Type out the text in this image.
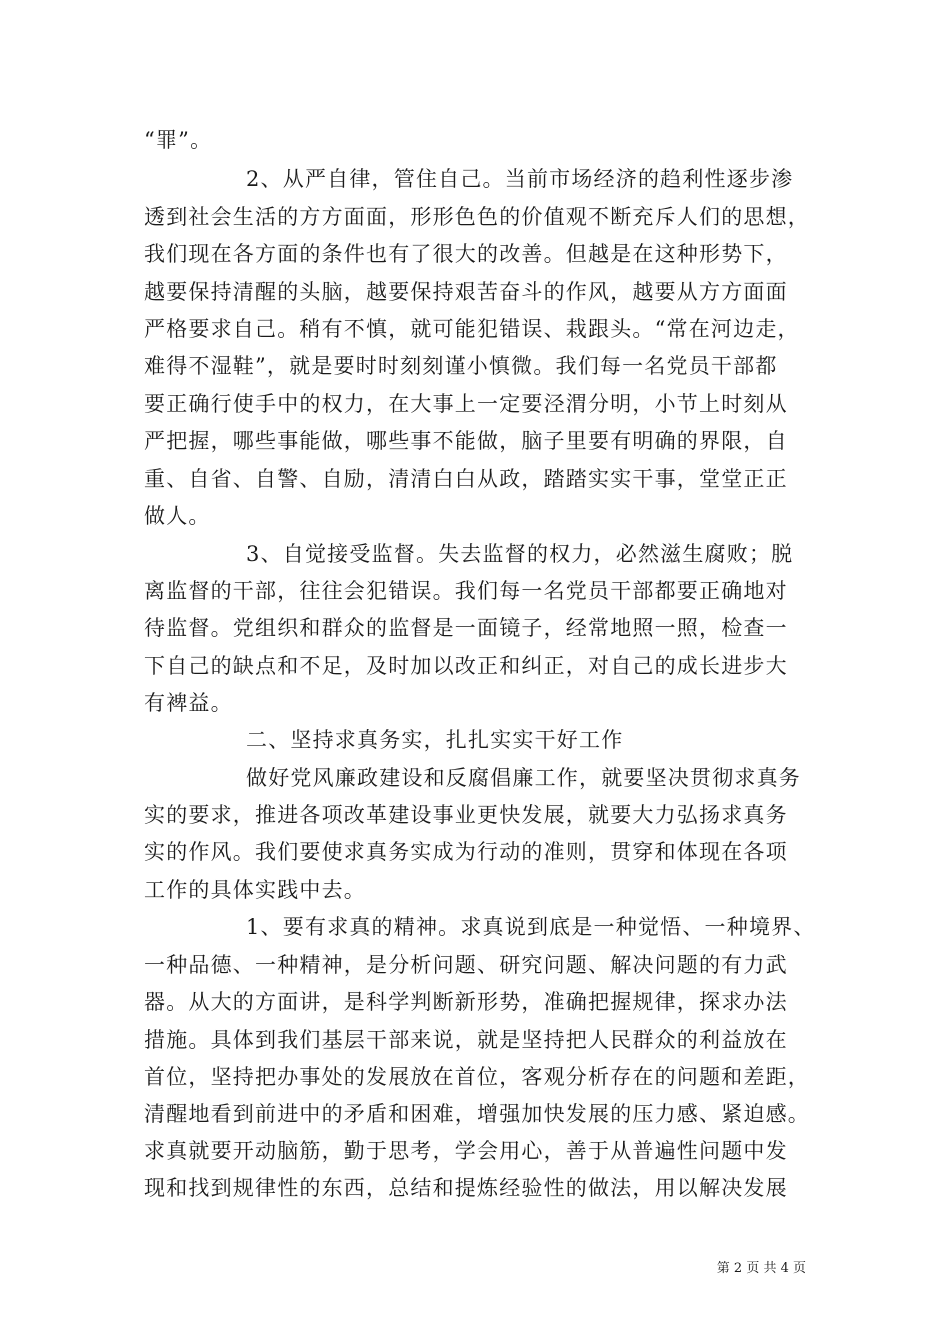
“罪”。
2、从严自律，管住自己。当前市场经济的趋利性逐步渗
透到社会生活的方方面面，形形色色的价值观不断充斥人们的思想，
我们现在各方面的条件也有了很大的改善。但越是在这种形势下，
越要保持清醒的头脑，越要保持艰苦奋斗的作风，越要从方方面面
严格要求自己。稍有不慎，就可能犯错误、栽跟头。“常在河边走，
难得不湿鞋”，就是要时时刻刻谨小慎微。我们每一名党员干部都
要正确行使手中的权力，在大事上一定要泾渭分明，小节上时刻从
严把握，哪些事能做，哪些事不能做，脑子里要有明确的界限，自
重、自省、自警、自励，清清白白从政，踏踏实实干事，堂堂正正
做人。
3、自觉接受监督。失去监督的权力，必然滋生腐败；脱
离监督的干部，往往会犯错误。我们每一名党员干部都要正确地对
待监督。党组织和群众的监督是一面镜子，经常地照一照，检查一
下自己的缺点和不足，及时加以改正和纠正，对自己的成长进步大
有裨益。
二、坚持求真务实，扎扎实实干好工作
做好党风廉政建设和反腐倡廉工作，就要坚决贯彻求真务
实的要求，推进各项改革建设事业更快发展，就要大力弘扬求真务
实的作风。我们要使求真务实成为行动的准则，贯穿和体现在各项
工作的具体实践中去。
1、要有求真的精神。求真说到底是一种觉悟、一种境界、
一种品德、一种精神，是分析问题、研究问题、解决问题的有力武
器。从大的方面讲，是科学判断新形势，准确把握规律，探求办法
措施。具体到我们基层干部来说，就是坚持把人民群众的利益放在
首位，坚持把办事处的发展放在首位，客观分析存在的问题和差距，
清醒地看到前进中的矛盾和困难，增强加快发展的压力感、紧迫感。
求真就要开动脑筋，勤于思考，学会用心，善于从普遍性问题中发
现和找到规律性的东西，总结和提炼经验性的做法，用以解决发展
第 2 页 共 4 页
